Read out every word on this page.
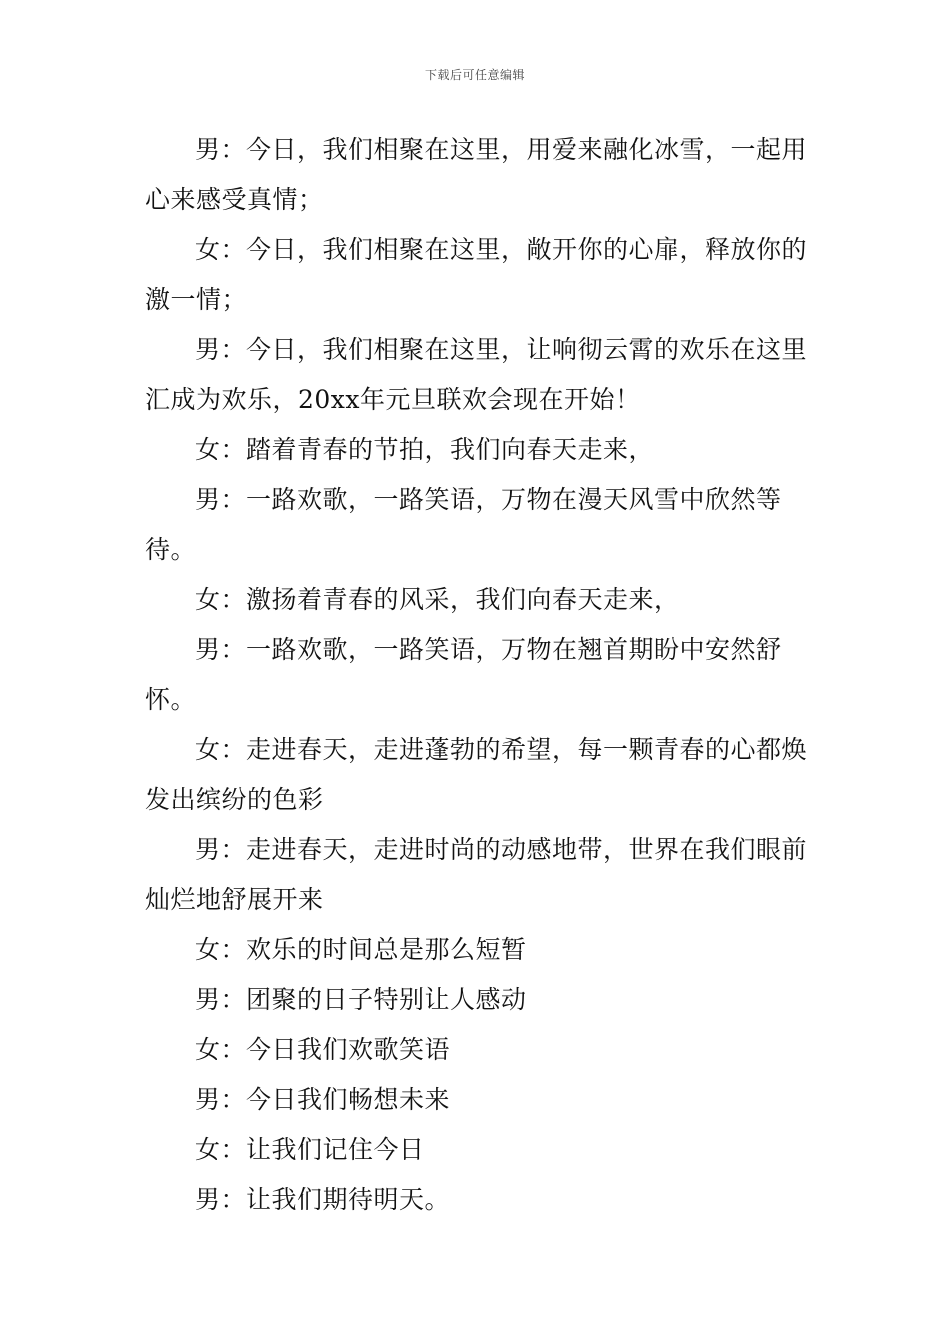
下载后可任意编辑

男：今日，我们相聚在这里，用爱来融化冰雪，一起用心来感受真情；

女：今日，我们相聚在这里，敞开你的心扉，释放你的激一情；

男：今日，我们相聚在这里，让响彻云霄的欢乐在这里汇成为欢乐，20xx年元旦联欢会现在开始！

女：踏着青春的节拍，我们向春天走来，

男：一路欢歌，一路笑语，万物在漫天风雪中欣然等待。

女：激扬着青春的风采，我们向春天走来，

男：一路欢歌，一路笑语，万物在翘首期盼中安然舒怀。

女：走进春天，走进蓬勃的希望，每一颗青春的心都焕发出缤纷的色彩

男：走进春天，走进时尚的动感地带，世界在我们眼前灿烂地舒展开来

女：欢乐的时间总是那么短暂

男：团聚的日子特别让人感动

女：今日我们欢歌笑语

男：今日我们畅想未来

女：让我们记住今日

男：让我们期待明天。
